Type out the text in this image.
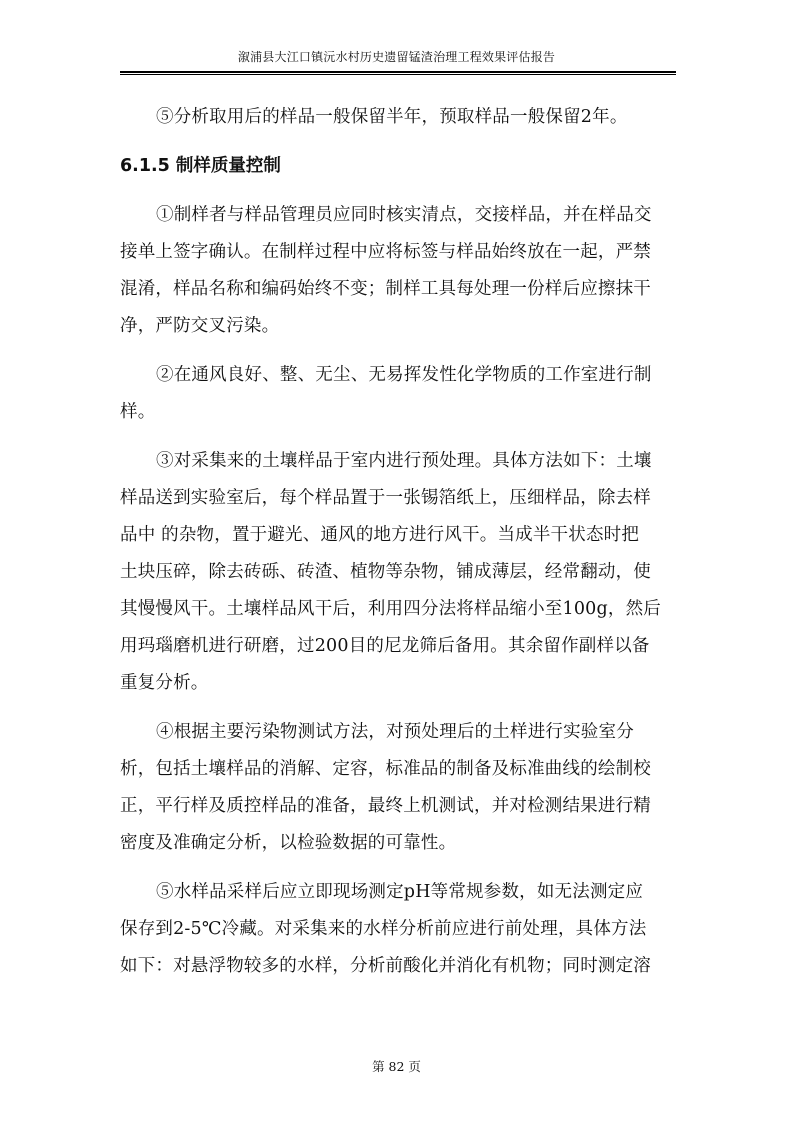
溆浦县大江口镇沅水村历史遗留锰渣治理工程效果评估报告

⑤分析取用后的样品一般保留半年，预取样品一般保留2年。

6.1.5 制样质量控制

①制样者与样品管理员应同时核实清点，交接样品，并在样品交
接单上签字确认。在制样过程中应将标签与样品始终放在一起，严禁
混淆，样品名称和编码始终不变；制样工具每处理一份样后应擦抹干
净，严防交叉污染。

②在通风良好、整、无尘、无易挥发性化学物质的工作室进行制
样。

③对采集来的土壤样品于室内进行预处理。具体方法如下：土壤
样品送到实验室后，每个样品置于一张锡箔纸上，压细样品，除去样
品中 的杂物，置于避光、通风的地方进行风干。当成半干状态时把
土块压碎，除去砖砾、砖渣、植物等杂物，铺成薄层，经常翻动，使
其慢慢风干。土壤样品风干后，利用四分法将样品缩小至100g，然后
用玛瑙磨机进行研磨，过200目的尼龙筛后备用。其余留作副样以备
重复分析。

④根据主要污染物测试方法，对预处理后的土样进行实验室分
析，包括土壤样品的消解、定容，标准品的制备及标准曲线的绘制校
正，平行样及质控样品的准备，最终上机测试，并对检测结果进行精
密度及准确定分析，以检验数据的可靠性。

⑤水样品采样后应立即现场测定pH等常规参数，如无法测定应
保存到2-5℃冷藏。对采集来的水样分析前应进行前处理，具体方法
如下：对悬浮物较多的水样，分析前酸化并消化有机物；同时测定溶

第 82 页
